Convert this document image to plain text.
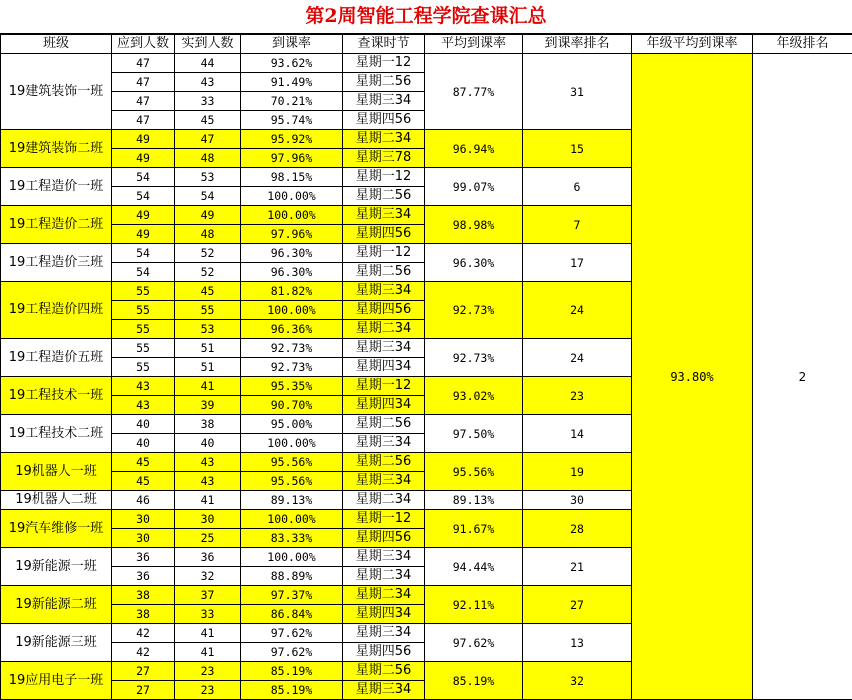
第2周智能工程学院查课汇总
班级	应到人数	实到人数	到课率	查课时节	平均到课率	到课率排名	年级平均到课率	年级排名
19建筑装饰一班	47	44	93.62%	星期一12	87.77%	31	93.80%	2
	47	43	91.49%	星期二56				
	47	33	70.21%	星期三34				
	47	45	95.74%	星期四56				
19建筑装饰二班	49	47	95.92%	星期二34	96.94%	15		
	49	48	97.96%	星期三78				
19工程造价一班	54	53	98.15%	星期一12	99.07%	6		
	54	54	100.00%	星期二56				
19工程造价二班	49	49	100.00%	星期三34	98.98%	7		
	49	48	97.96%	星期四56				
19工程造价三班	54	52	96.30%	星期一12	96.30%	17		
	54	52	96.30%	星期二56				
19工程造价四班	55	45	81.82%	星期三34	92.73%	24		
	55	55	100.00%	星期四56				
	55	53	96.36%	星期二34				
19工程造价五班	55	51	92.73%	星期三34	92.73%	24		
	55	51	92.73%	星期四34				
19工程技术一班	43	41	95.35%	星期一12	93.02%	23		
	43	39	90.70%	星期四34				
19工程技术二班	40	38	95.00%	星期二56	97.50%	14		
	40	40	100.00%	星期三34				
19机器人一班	45	43	95.56%	星期二56	95.56%	19		
	45	43	95.56%	星期三34				
19机器人二班	46	41	89.13%	星期二34	89.13%	30		
19汽车维修一班	30	30	100.00%	星期一12	91.67%	28		
	30	25	83.33%	星期四56				
19新能源一班	36	36	100.00%	星期三34	94.44%	21		
	36	32	88.89%	星期二34				
19新能源二班	38	37	97.37%	星期二34	92.11%	27		
	38	33	86.84%	星期四34				
19新能源三班	42	41	97.62%	星期三34	97.62%	13		
	42	41	97.62%	星期四56				
19应用电子一班	27	23	85.19%	星期二56	85.19%	32		
	27	23	85.19%	星期三34				
